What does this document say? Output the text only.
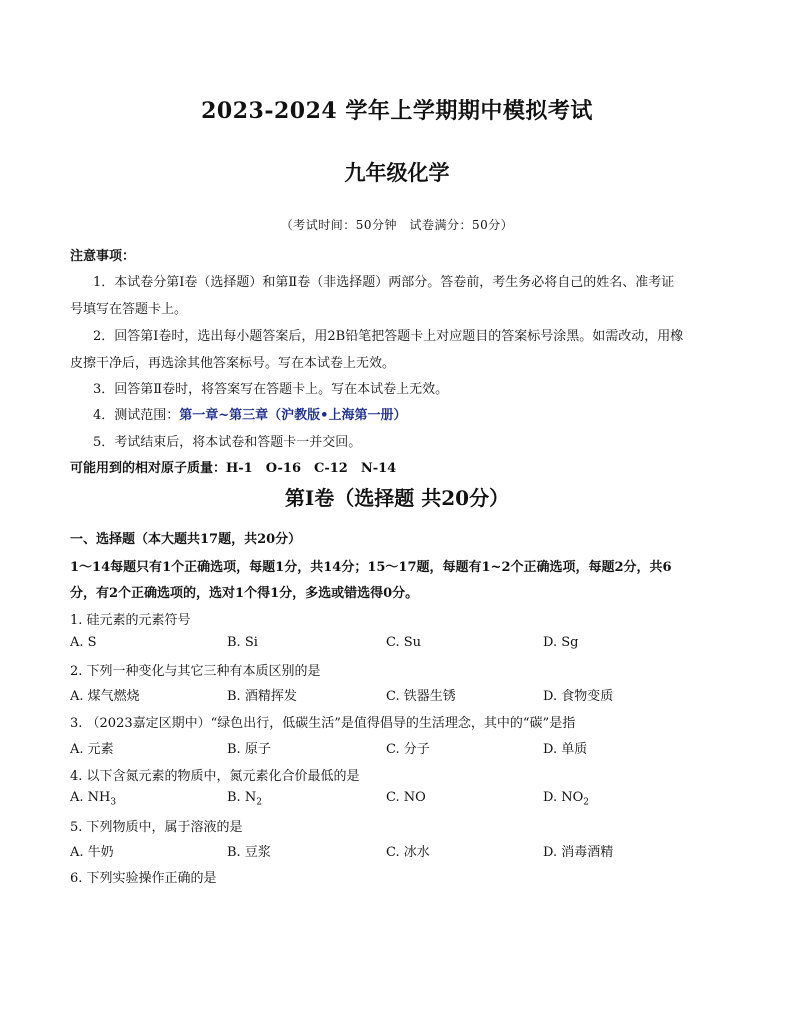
2023-2024 学年上学期期中模拟考试
九年级化学
（考试时间：50分钟　试卷满分：50分）
注意事项：
1．本试卷分第Ⅰ卷（选择题）和第Ⅱ卷（非选择题）两部分。答卷前，考生务必将自己的姓名、准考证
号填写在答题卡上。
2．回答第Ⅰ卷时，选出每小题答案后，用2B铅笔把答题卡上对应题目的答案标号涂黑。如需改动，用橡
皮擦干净后，再选涂其他答案标号。写在本试卷上无效。
3．回答第Ⅱ卷时，将答案写在答题卡上。写在本试卷上无效。
4．测试范围：第一章~第三章（沪教版•上海第一册）
5．考试结束后，将本试卷和答题卡一并交回。
可能用到的相对原子质量：H-1　O-16　C-12　N-14
第Ⅰ卷（选择题 共20分）
一、选择题（本大题共17题，共20分）
1～14每题只有1个正确选项，每题1分，共14分；15～17题，每题有1~2个正确选项，每题2分，共6
分，有2个正确选项的，选对1个得1分，多选或错选得0分。
1. 硅元素的元素符号
A. S	B. Si	C. Su	D. Sg
2. 下列一种变化与其它三种有本质区别的是
A. 煤气燃烧	B. 酒精挥发	C. 铁器生锈	D. 食物变质
3. （2023嘉定区期中）“绿色出行，低碳生活”是值得倡导的生活理念，其中的“碳”是指
A. 元素	B. 原子	C. 分子	D. 单质
4. 以下含氮元素的物质中，氮元素化合价最低的是
A. $NH_3$	B. $N_2$	C. NO	D. $NO_2$
5. 下列物质中，属于溶液的是
A. 牛奶	B. 豆浆	C. 冰水	D. 消毒酒精
6. 下列实验操作正确的是
